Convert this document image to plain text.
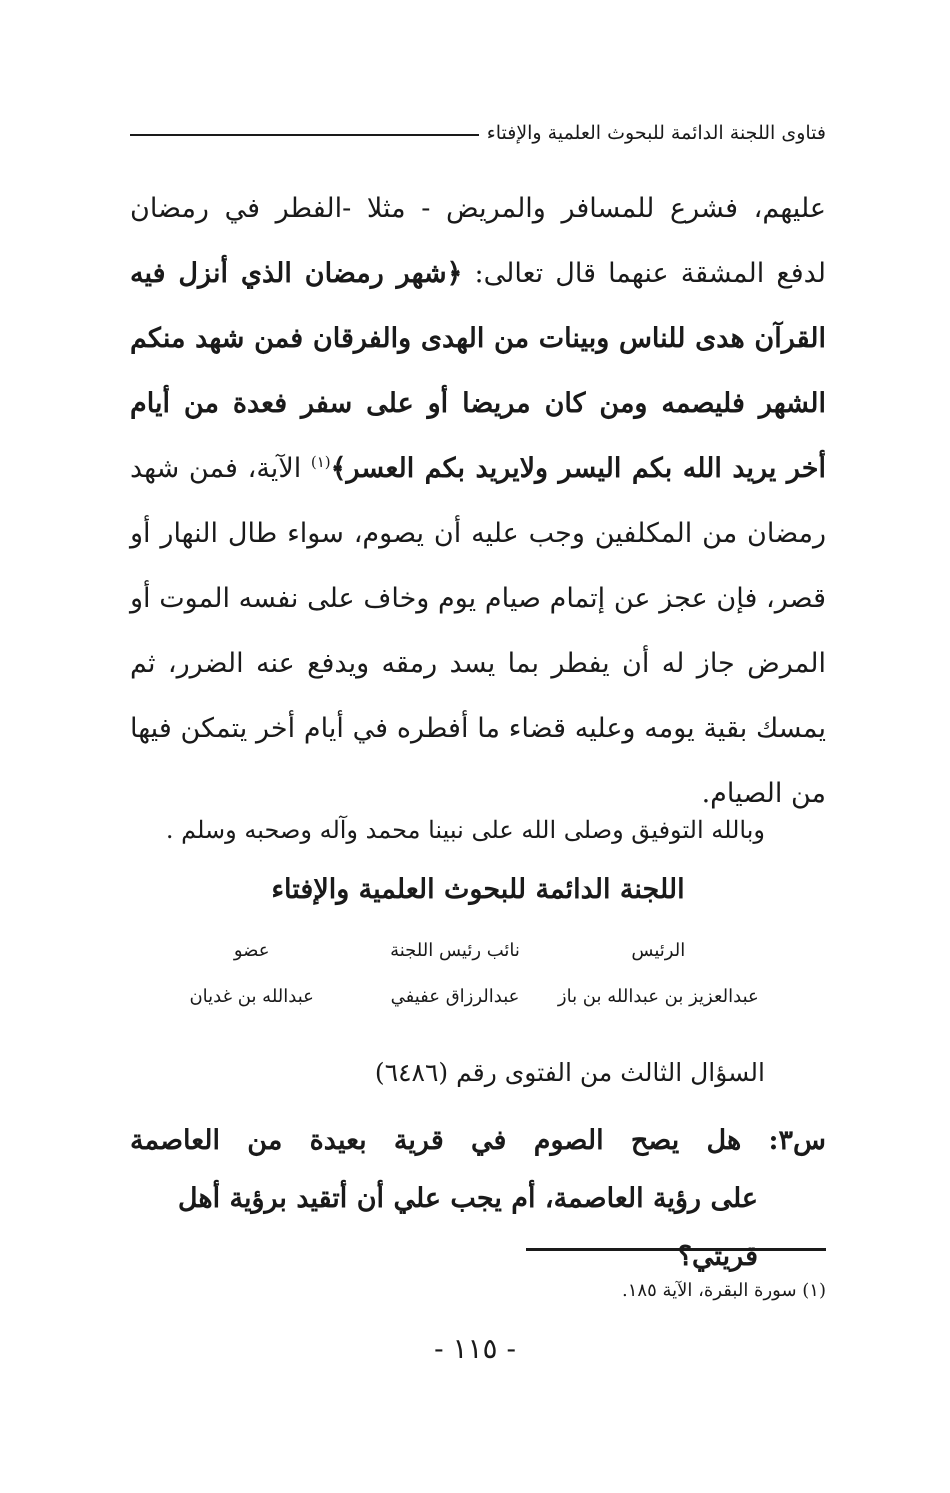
فتاوى اللجنة الدائمة للبحوث العلمية والإفتاء

عليهم، فشرع للمسافر والمريض - مثلا -الفطر في رمضان لدفع المشقة عنهما قال تعالى: ﴿شهر رمضان الذي أنزل فيه القرآن هدى للناس وبينات من الهدى والفرقان فمن شهد منكم الشهر فليصمه ومن كان مريضا أو على سفر فعدة من أيام أخر يريد الله بكم اليسر ولايريد بكم العسر﴾$^{(١)}$ الآية، فمن شهد رمضان من المكلفين وجب عليه أن يصوم، سواء طال النهار أو قصر، فإن عجز عن إتمام صيام يوم وخاف على نفسه الموت أو المرض جاز له أن يفطر بما يسد رمقه ويدفع عنه الضرر، ثم يمسك بقية يومه وعليه قضاء ما أفطره في أيام أخر يتمكن فيها من الصيام.

وبالله التوفيق وصلى الله على نبينا محمد وآله وصحبه وسلم .
اللجنة الدائمة للبحوث العلمية والإفتاء
الرئيس
نائب رئيس اللجنة
عضو
عبدالعزيز بن عبدالله بن باز
عبدالرزاق عفيفي
عبدالله بن غديان
السؤال الثالث من الفتوى رقم (٦٤٨٦)
س٣: هل يصح الصوم في قرية بعيدة من العاصمة
على رؤية العاصمة، أم يجب علي أن أتقيد برؤية أهل قريتي؟
(١) سورة البقرة، الآية ١٨٥.
- ١١٥ -
